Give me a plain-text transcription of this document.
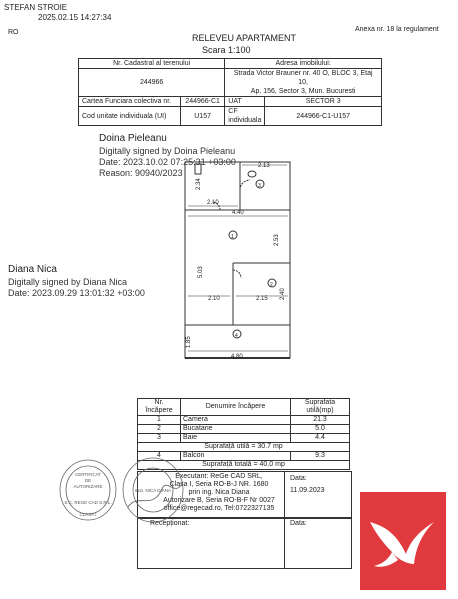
STEFAN STROIE
2025.02.15 14:27:34
RO	Anexa nr. 18 la regulament
RELEVEU APARTAMENT
Scara 1:100
Nr. Cadastral al terenului		Adresa imobilului:	
244966		Strada Victor Brauner nr. 40 O, BLOC 3, Etaj 10,
Ap. 156, Sector 3, Mun. Bucuresti	

Cartea Funciara colectiva nr.	244966-C1	UAT	SECTOR 3
Cod unitate individuala (UI)	U157	CF individuala	244966-C1-U157
Doina Pieleanu
Digitally signed by Doina Pieleanu
Date: 2023.10.02 07:25:31 +03:00
Reason: 90940/2023
Diana Nica
Digitally signed by Diana Nica
Date: 2023.09.29 13:01:32 +03:00
2.13
2.34
2.10
4.40
2.53
5.03
2.40
2.10	2.15
1.85
4.80
3
1
2
4
Nr. încăpere	Denumire încăpere	Suprafata utilă(mp)
1	Camera	21.3
2	Bucatarie	5.0
3	Baie	4.4
Suprafață utilă = 30.7 mp		
4	Balcon	9.3
Suprafață totală = 40.0 mp		
Executant: ReGe CAD SRL,
Clasa I, Seria RO-B-J NR. 1680
prin ing. Nica Diana
Autorizare B, Seria RO-B-F Nr 0027
office@regecad.ro, Tel:0722327135
Data:
11.09.2023
Recepționat:	Data:
CERTIFICAT
DE
AUTORIZARE
S.C. REGE CAD S.R.L.
CLASA I
ING. NICA DIANA
